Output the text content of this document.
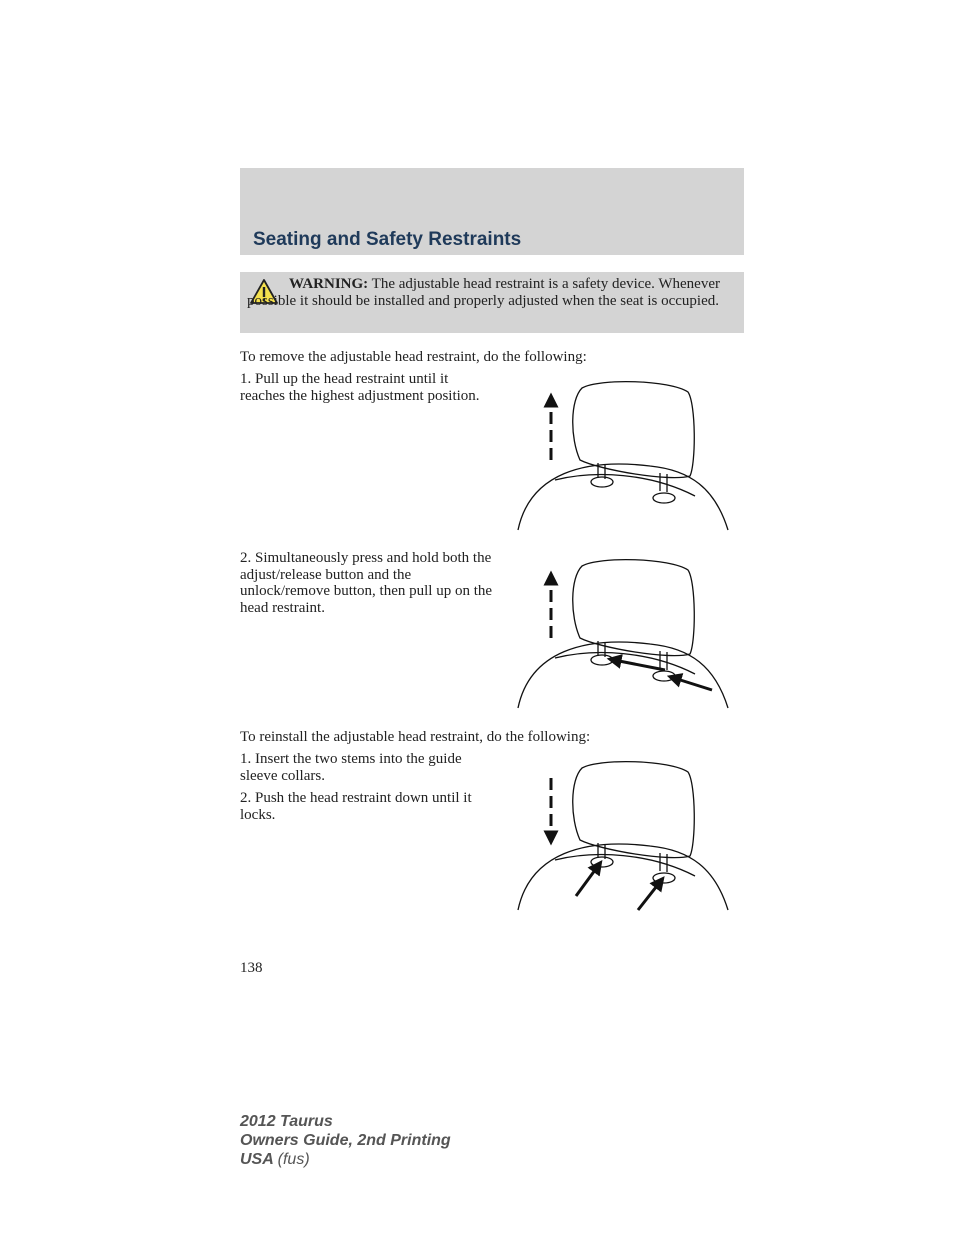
Seating and Safety Restraints

WARNING: The adjustable head restraint is a safety device. Whenever possible it should be installed and properly adjusted when the seat is occupied.

To remove the adjustable head restraint, do the following:

1. Pull up the head restraint until it reaches the highest adjustment position.

2. Simultaneously press and hold both the adjust/release button and the unlock/remove button, then pull up on the head restraint.

To reinstall the adjustable head restraint, do the following:

1. Insert the two stems into the guide sleeve collars.

2. Push the head restraint down until it locks.

138

2012 Taurus
Owners Guide, 2nd Printing
USA (fus)
